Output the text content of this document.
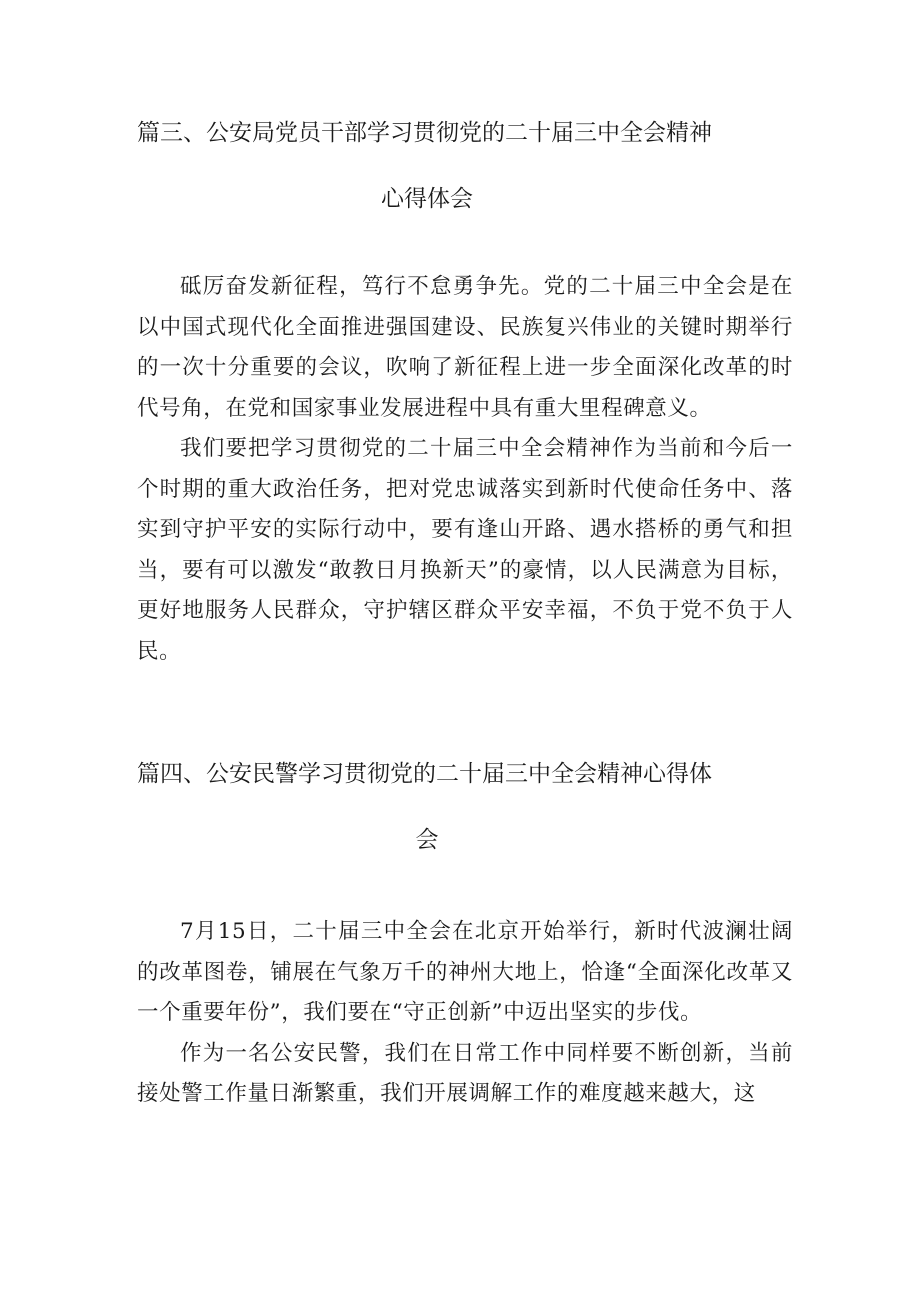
篇三、公安局党员干部学习贯彻党的二十届三中全会精神
心得体会

砥厉奋发新征程，笃行不怠勇争先。党的二十届三中全会是在以中国式现代化全面推进强国建设、民族复兴伟业的关键时期举行的一次十分重要的会议，吹响了新征程上进一步全面深化改革的时代号角，在党和国家事业发展进程中具有重大里程碑意义。

我们要把学习贯彻党的二十届三中全会精神作为当前和今后一个时期的重大政治任务，把对党忠诚落实到新时代使命任务中、落实到守护平安的实际行动中，要有逢山开路、遇水搭桥的勇气和担当，要有可以激发“敢教日月换新天”的豪情，以人民满意为目标，更好地服务人民群众，守护辖区群众平安幸福，不负于党不负于人民。

篇四、公安民警学习贯彻党的二十届三中全会精神心得体
会

7月15日，二十届三中全会在北京开始举行，新时代波澜壮阔的改革图卷，铺展在气象万千的神州大地上，恰逢“全面深化改革又一个重要年份”，我们要在“守正创新”中迈出坚实的步伐。

作为一名公安民警，我们在日常工作中同样要不断创新，当前接处警工作量日渐繁重，我们开展调解工作的难度越来越大，这
